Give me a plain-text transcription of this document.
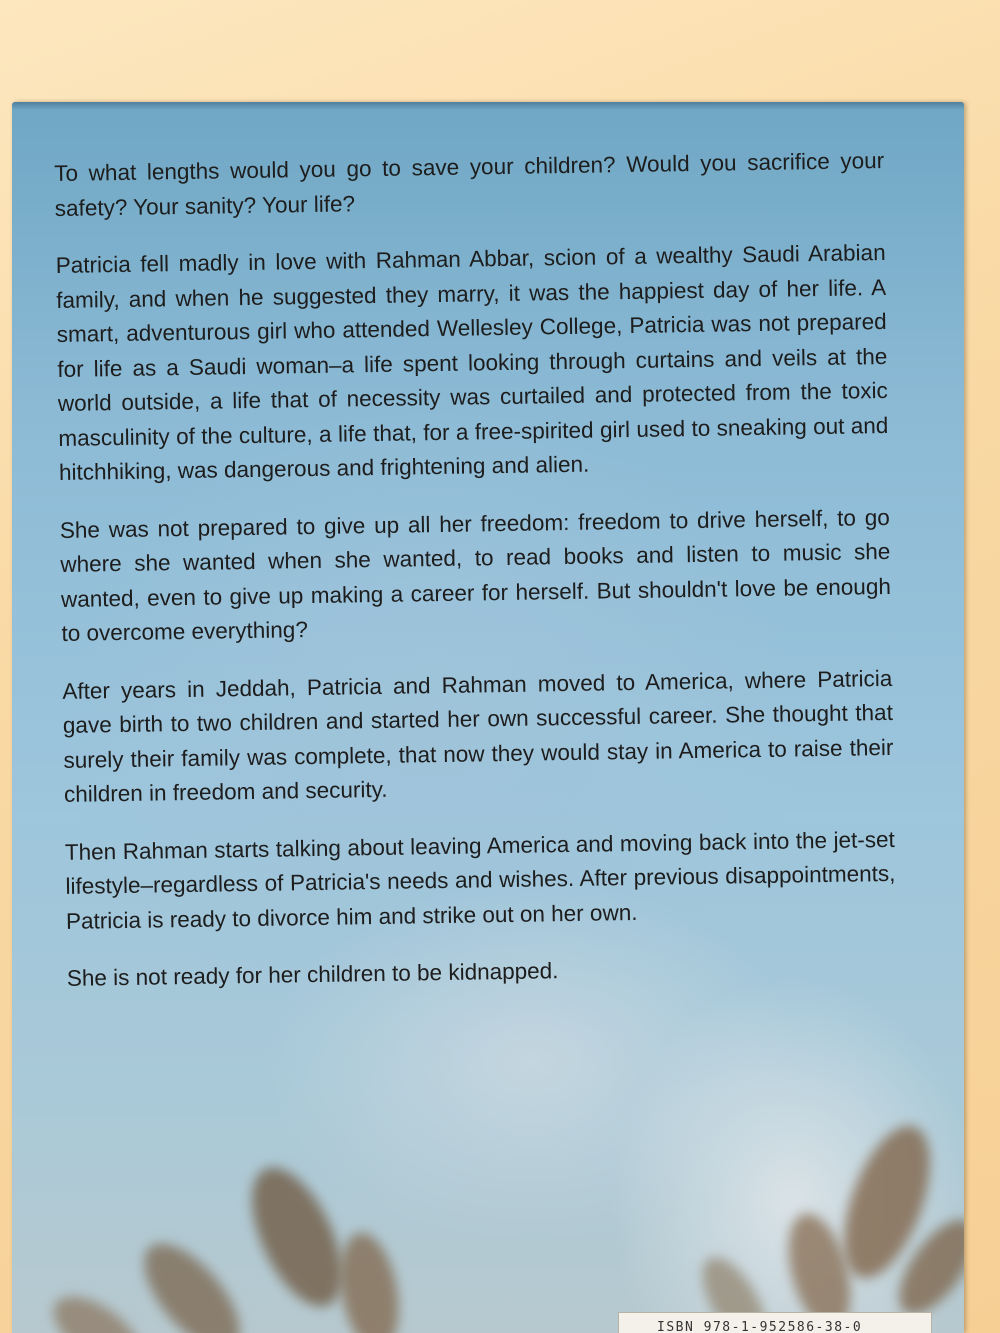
To what lengths would you go to save your children? Would you sacrifice your safety? Your sanity? Your life?

Patricia fell madly in love with Rahman Abbar, scion of a wealthy Saudi Arabian family, and when he suggested they marry, it was the happiest day of her life. A smart, adventurous girl who attended Wellesley College, Patricia was not prepared for life as a Saudi woman–a life spent looking through curtains and veils at the world outside, a life that of necessity was curtailed and protected from the toxic masculinity of the culture, a life that, for a free-spirited girl used to sneaking out and hitchhiking, was dangerous and frightening and alien.

She was not prepared to give up all her freedom: freedom to drive herself, to go where she wanted when she wanted, to read books and listen to music she wanted, even to give up making a career for herself. But shouldn't love be enough to overcome everything?

After years in Jeddah, Patricia and Rahman moved to America, where Patricia gave birth to two children and started her own successful career. She thought that surely their family was complete, that now they would stay in America to raise their children in freedom and security.

Then Rahman starts talking about leaving America and moving back into the jet-set lifestyle–regardless of Patricia's needs and wishes. After previous disappointments, Patricia is ready to divorce him and strike out on her own.

She is not ready for her children to be kidnapped.

ISBN 978-1-952586-38-0
